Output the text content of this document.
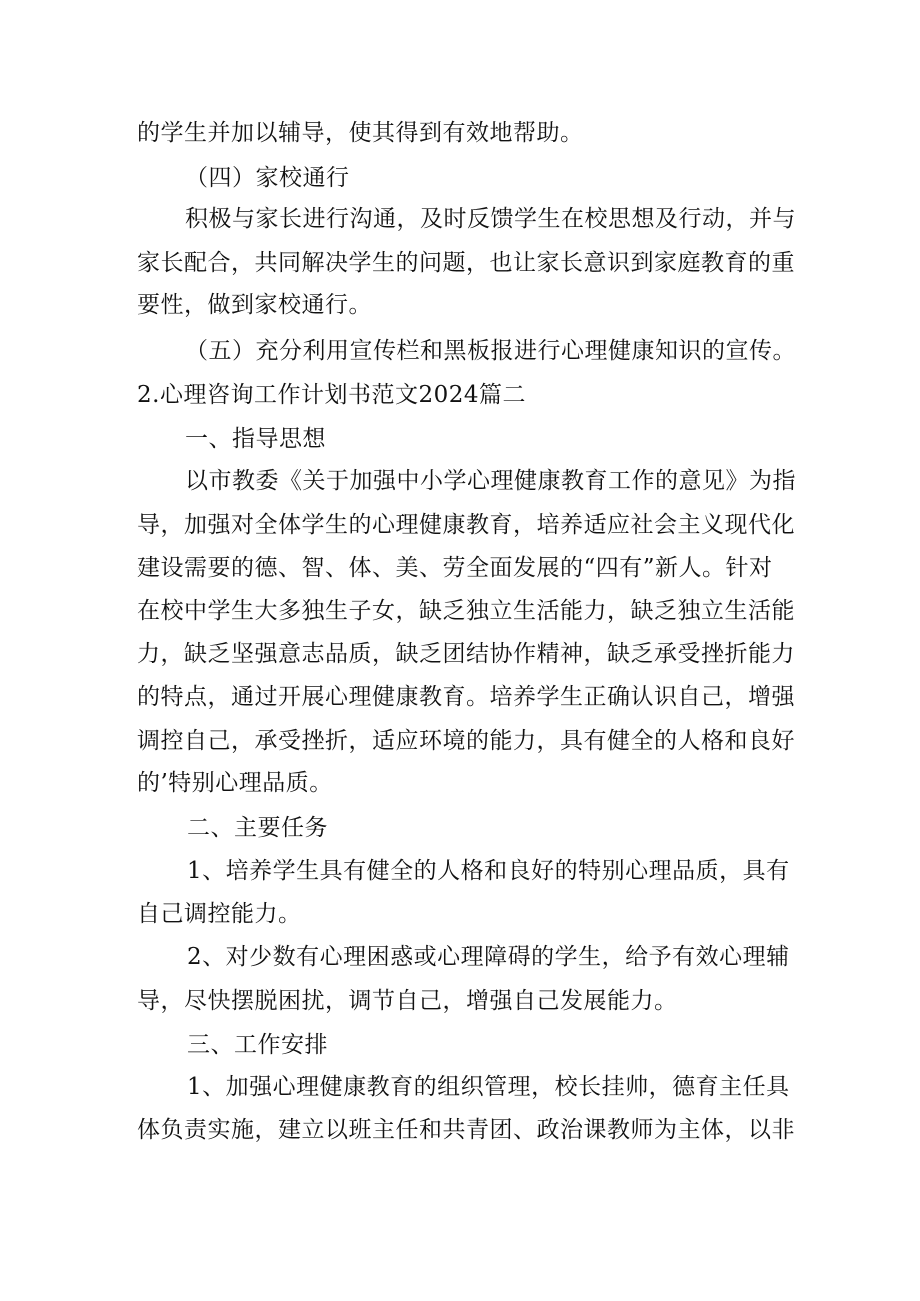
的学生并加以辅导，使其得到有效地帮助。
（四）家校通行
积极与家长进行沟通，及时反馈学生在校思想及行动，并与
家长配合，共同解决学生的问题，也让家长意识到家庭教育的重
要性，做到家校通行。
（五）充分利用宣传栏和黑板报进行心理健康知识的宣传。
2.心理咨询工作计划书范文2024篇二
一、指导思想
以市教委《关于加强中小学心理健康教育工作的意见》为指
导，加强对全体学生的心理健康教育，培养适应社会主义现代化
建设需要的德、智、体、美、劳全面发展的“四有”新人。针对
在校中学生大多独生子女，缺乏独立生活能力，缺乏独立生活能
力，缺乏坚强意志品质，缺乏团结协作精神，缺乏承受挫折能力
的特点，通过开展心理健康教育。培养学生正确认识自己，增强
调控自己，承受挫折，适应环境的能力，具有健全的人格和良好
的’特别心理品质。
二、主要任务
1、培养学生具有健全的人格和良好的特别心理品质，具有
自己调控能力。
2、对少数有心理困惑或心理障碍的学生，给予有效心理辅
导，尽快摆脱困扰，调节自己，增强自己发展能力。
三、工作安排
1、加强心理健康教育的组织管理，校长挂帅，德育主任具
体负责实施，建立以班主任和共青团、政治课教师为主体，以非
